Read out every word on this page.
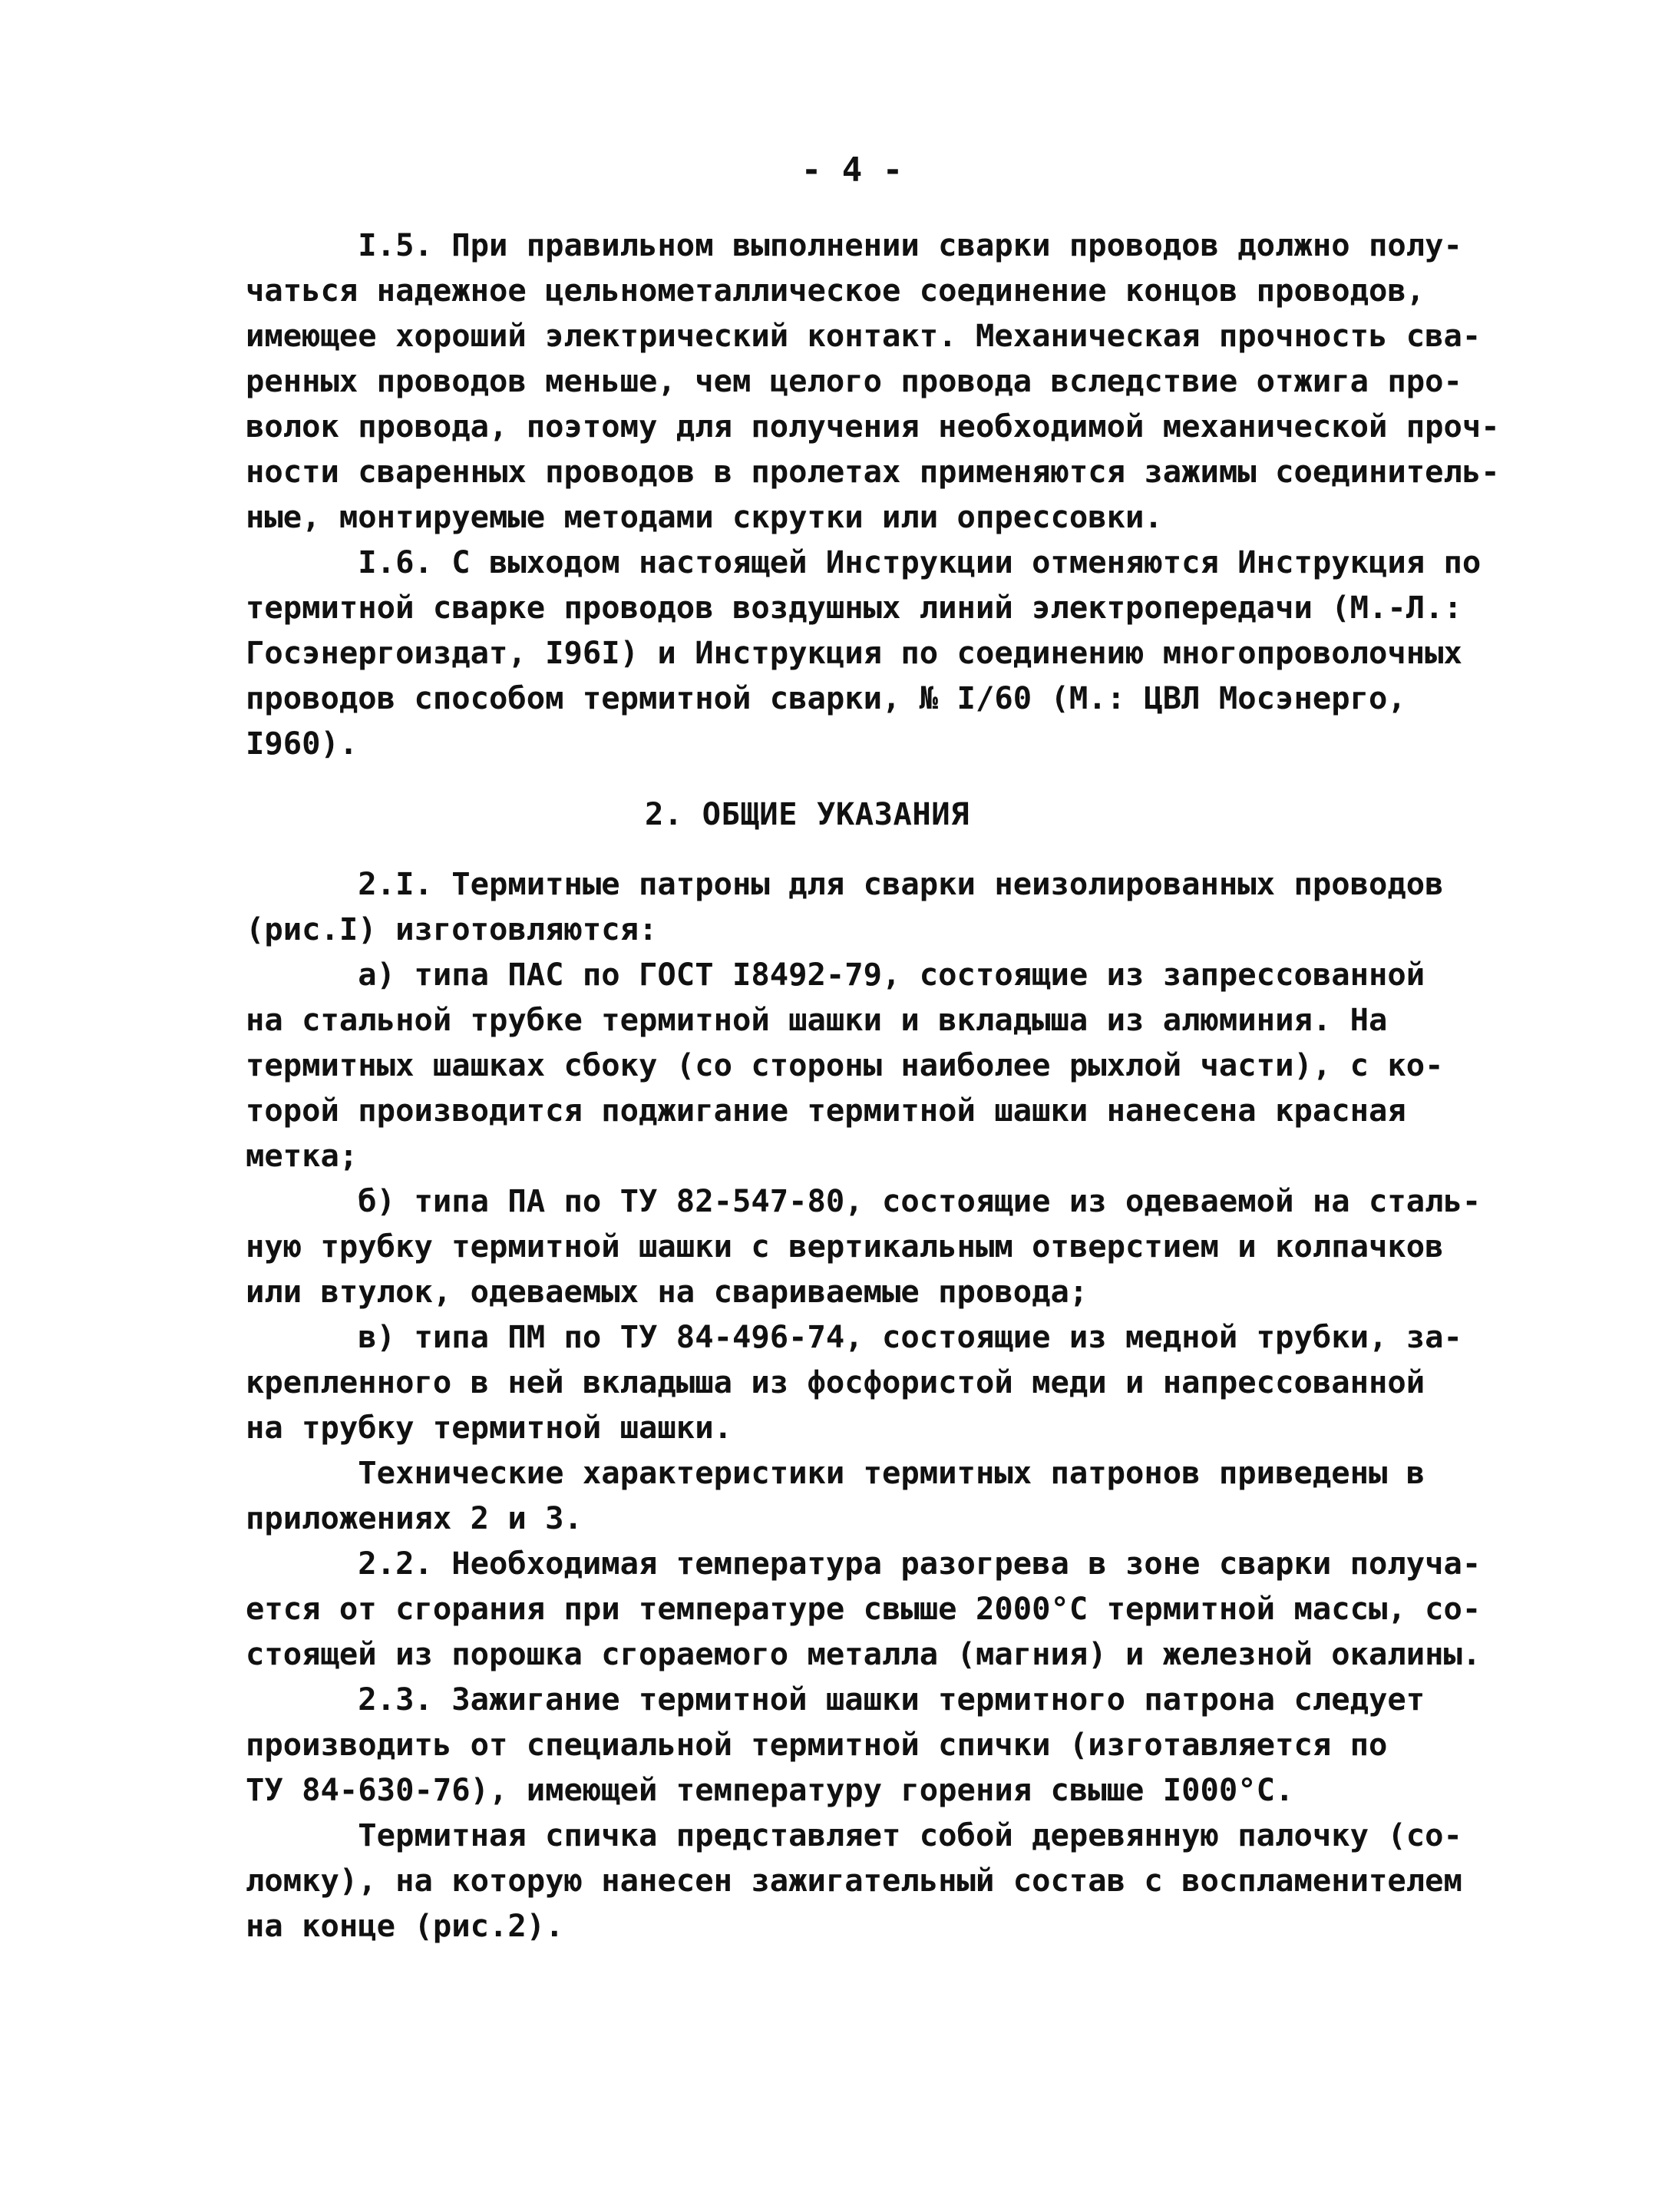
- 4 -
I.5. При правильном выполнении сварки проводов должно полу-
чаться надежное цельнометаллическое соединение концов проводов,
имеющее хороший электрический контакт. Механическая прочность сва-
ренных проводов меньше, чем целого провода вследствие отжига про-
волок провода, поэтому для получения необходимой механической проч-
ности сваренных проводов в пролетах применяются зажимы соединитель-
ные, монтируемые методами скрутки или опрессовки.
I.6. С выходом настоящей Инструкции отменяются Инструкция по
термитной сварке проводов воздушных линий электропередачи (М.-Л.:
Госэнергоиздат, I96I) и Инструкция по соединению многопроволочных
проводов способом термитной сварки, № I/60 (М.: ЦВЛ Мосэнерго,
I960).
2. ОБЩИЕ УКАЗАНИЯ
2.I. Термитные патроны для сварки неизолированных проводов
(рис.I) изготовляются:
а) типа ПАС по ГОСТ I8492-79, состоящие из запрессованной
на стальной трубке термитной шашки и вкладыша из алюминия. На
термитных шашках сбоку (со стороны наиболее рыхлой части), с ко-
торой производится поджигание термитной шашки нанесена красная
метка;
б) типа ПА по ТУ 82-547-80, состоящие из одеваемой на сталь-
ную трубку термитной шашки с вертикальным отверстием и колпачков
или втулок, одеваемых на свариваемые провода;
в) типа ПМ по ТУ 84-496-74, состоящие из медной трубки, за-
крепленного в ней вкладыша из фосфористой меди и напрессованной
на трубку термитной шашки.
Технические характеристики термитных патронов приведены в
приложениях 2 и 3.
2.2. Необходимая температура разогрева в зоне сварки получа-
ется от сгорания при температуре свыше 2000°С термитной массы, со-
стоящей из порошка сгораемого металла (магния) и железной окалины.
2.3. Зажигание термитной шашки термитного патрона следует
производить от специальной термитной спички (изготавляется по
ТУ 84-630-76), имеющей температуру горения свыше I000°С.
Термитная спичка представляет собой деревянную палочку (со-
ломку), на которую нанесен зажигательный состав с воспламенителем
на конце (рис.2).
